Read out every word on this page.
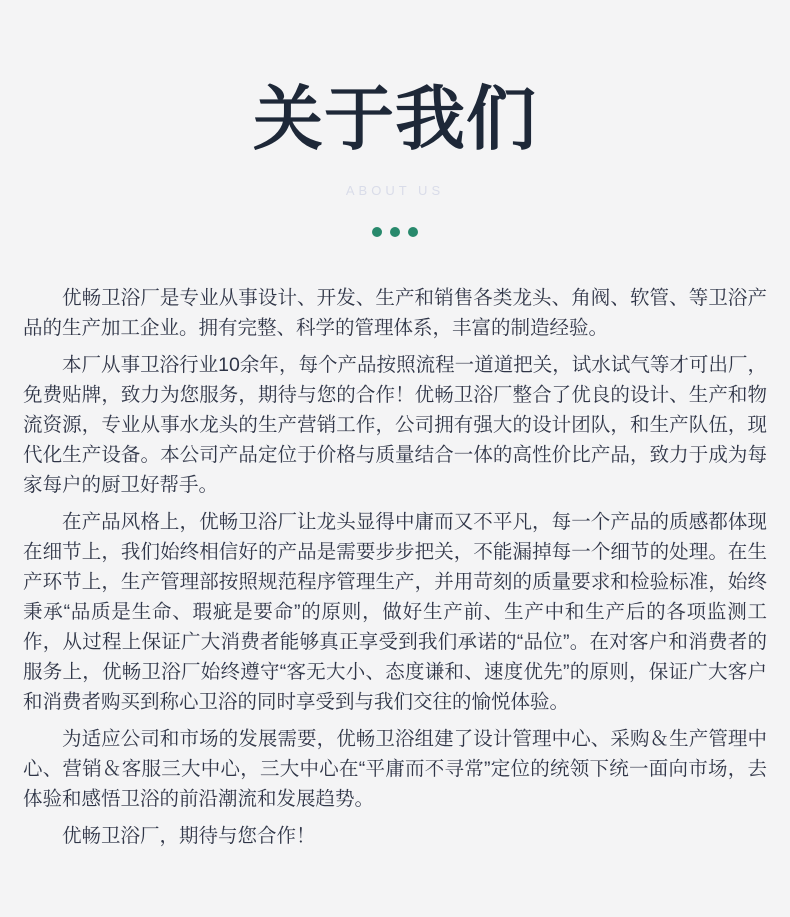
关于我们
ABOUT US

优畅卫浴厂是专业从事设计、开发、生产和销售各类龙头、角阀、软管、等卫浴产品的生产加工企业。拥有完整、科学的管理体系，丰富的制造经验。

本厂从事卫浴行业10余年，每个产品按照流程一道道把关，试水试气等才可出厂，免费贴牌，致力为您服务，期待与您的合作！优畅卫浴厂整合了优良的设计、生产和物流资源，专业从事水龙头的生产营销工作，公司拥有强大的设计团队，和生产队伍，现代化生产设备。本公司产品定位于价格与质量结合一体的高性价比产品，致力于成为每家每户的厨卫好帮手。

在产品风格上，优畅卫浴厂让龙头显得中庸而又不平凡，每一个产品的质感都体现在细节上，我们始终相信好的产品是需要步步把关，不能漏掉每一个细节的处理。在生产环节上，生产管理部按照规范程序管理生产，并用苛刻的质量要求和检验标准，始终秉承“品质是生命、瑕疵是要命”的原则，做好生产前、生产中和生产后的各项监测工作，从过程上保证广大消费者能够真正享受到我们承诺的“品位”。在对客户和消费者的服务上，优畅卫浴厂始终遵守“客无大小、态度谦和、速度优先”的原则，保证广大客户和消费者购买到称心卫浴的同时享受到与我们交往的愉悦体验。

为适应公司和市场的发展需要，优畅卫浴组建了设计管理中心、采购＆生产管理中心、营销＆客服三大中心，三大中心在“平庸而不寻常”定位的统领下统一面向市场，去体验和感悟卫浴的前沿潮流和发展趋势。

优畅卫浴厂，期待与您合作！
